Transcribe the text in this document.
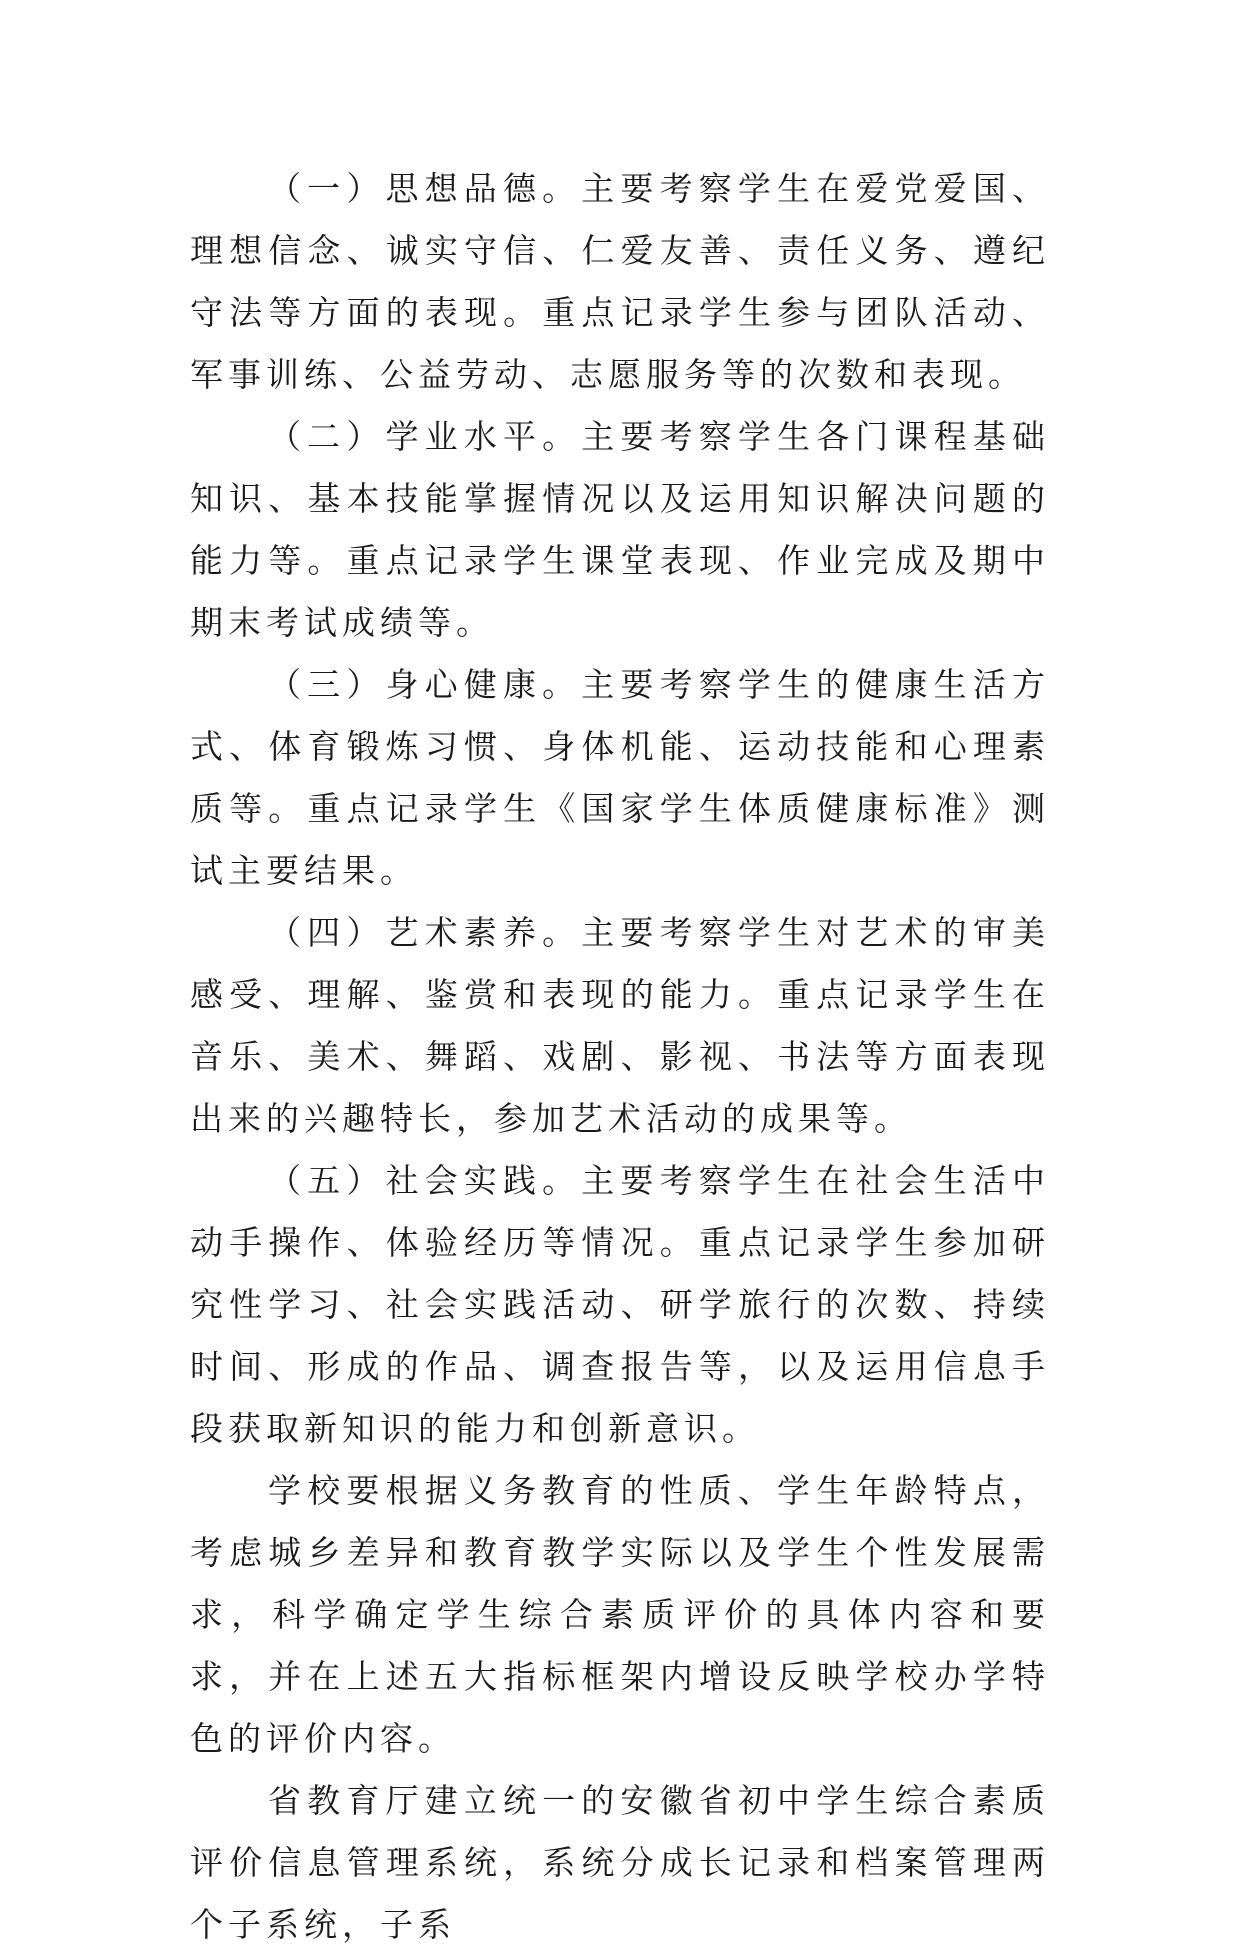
（一）思想品德。主要考察学生在爱党爱国、理想信念、诚实守信、仁爱友善、责任义务、遵纪守法等方面的表现。重点记录学生参与团队活动、军事训练、公益劳动、志愿服务等的次数和表现。

（二）学业水平。主要考察学生各门课程基础知识、基本技能掌握情况以及运用知识解决问题的能力等。重点记录学生课堂表现、作业完成及期中期末考试成绩等。

（三）身心健康。主要考察学生的健康生活方式、体育锻炼习惯、身体机能、运动技能和心理素质等。重点记录学生《国家学生体质健康标准》测试主要结果。

（四）艺术素养。主要考察学生对艺术的审美感受、理解、鉴赏和表现的能力。重点记录学生在音乐、美术、舞蹈、戏剧、影视、书法等方面表现出来的兴趣特长，参加艺术活动的成果等。

（五）社会实践。主要考察学生在社会生活中动手操作、体验经历等情况。重点记录学生参加研究性学习、社会实践活动、研学旅行的次数、持续时间、形成的作品、调查报告等，以及运用信息手段获取新知识的能力和创新意识。

学校要根据义务教育的性质、学生年龄特点，考虑城乡差异和教育教学实际以及学生个性发展需求，科学确定学生综合素质评价的具体内容和要求，并在上述五大指标框架内增设反映学校办学特色的评价内容。

省教育厅建立统一的安徽省初中学生综合素质评价信息管理系统，系统分成长记录和档案管理两个子系统，子系
